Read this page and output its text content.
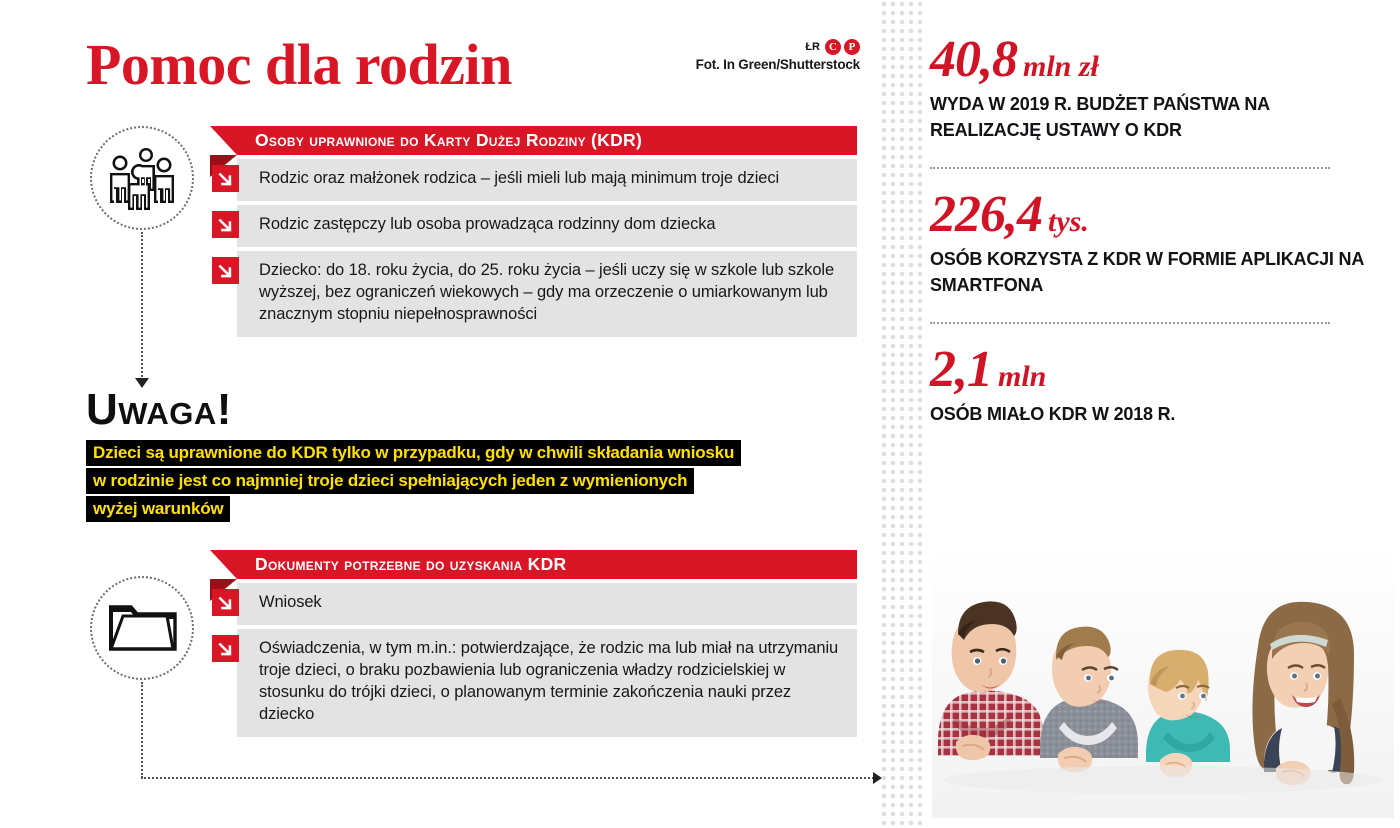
Pomoc dla rodzin	ŁR C	P
Fot. In Green/Shutterstock
Osoby uprawnione do Karty Dużej Rodziny (KDR)
Rodzic oraz małżonek rodzica – jeśli mieli lub mają minimum troje dzieci
Rodzic zastępczy lub osoba prowadząca rodzinny dom dziecka
Dziecko: do 18. roku życia, do 25. roku życia – jeśli uczy się w szkole lub szkole wyższej, bez ograniczeń wiekowych – gdy ma orzeczenie o umiarkowanym lub znacznym stopniu niepełnosprawności
Uwaga!
Dzieci są uprawnione do KDR tylko w przypadku, gdy w chwili składania wniosku
w rodzinie jest co najmniej troje dzieci spełniających jeden z wymienionych
wyżej warunków
Dokumenty potrzebne do uzyskania KDR
Wniosek
Oświadczenia, w tym m.in.: potwierdzające, że rodzic ma lub miał na utrzymaniu troje dzieci, o braku pozbawienia lub ograniczenia władzy rodzicielskiej w stosunku do trójki dzieci, o planowanym terminie zakończenia nauki przez dziecko
40,8 mln zł
WYDA W 2019 R. BUDŻET PAŃSTWA NA REALIZACJĘ USTAWY O KDR
226,4 tys.
OSÓB KORZYSTA Z KDR W FORMIE APLIKACJI NA SMARTFONA
2,1 mln
OSÓB MIAŁO KDR W 2018 R.
